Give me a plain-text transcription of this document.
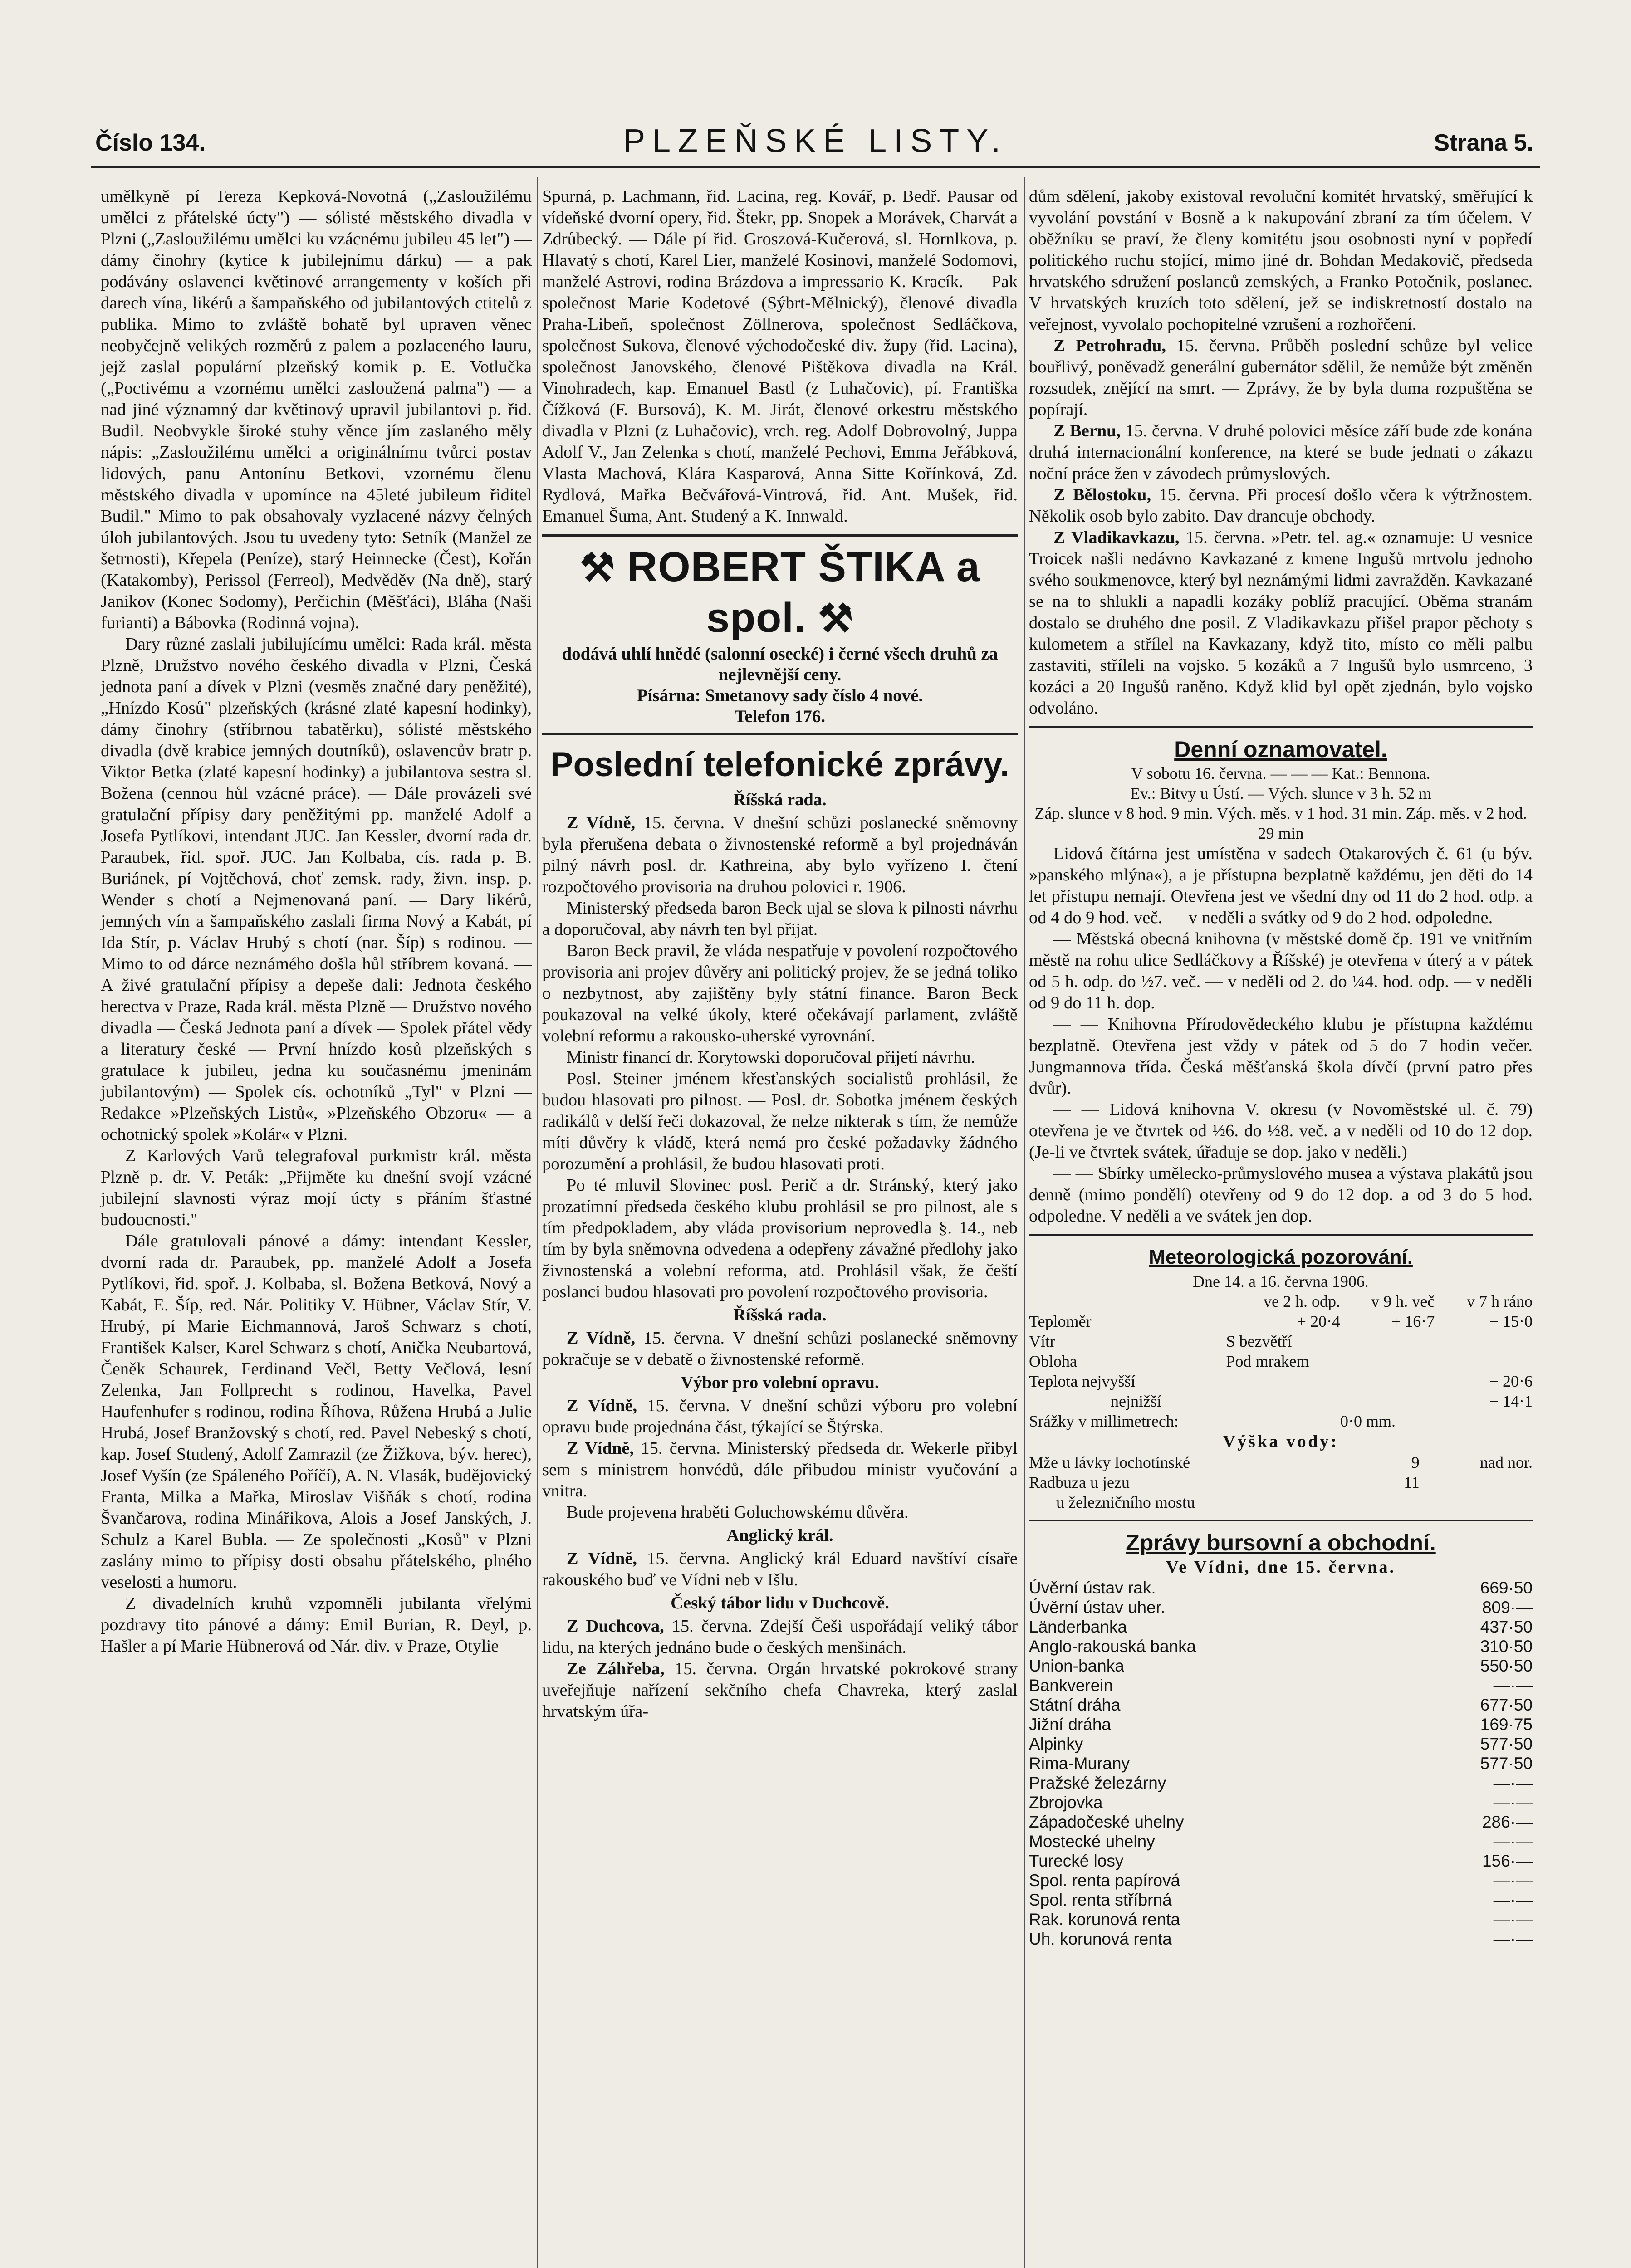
Číslo 134.	PLZEŇSKÉ LISTY.	Strana 5.

umělkyně pí Tereza Kepková-Novotná („Zasloužilému umělci z přátelské úcty") — sólisté městského divadla v Plzni („Zasloužilému umělci ku vzácnému jubileu 45 let") — dámy činohry (kytice k jubilejnímu dárku) — a pak podávány oslavenci květinové arrangementy v koších při darech vína, likérů a šampaňského od jubilantových ctitelů z publika. Mimo to zvláště bohatě byl upraven věnec neobyčejně velikých rozměrů z palem a pozlaceného lauru, jejž zaslal populární plzeňský komik p. E. Votlučka („Poctivému a vzornému umělci zasloužená palma") — a nad jiné významný dar květinový upravil jubilantovi p. řid. Budil. Neobvykle široké stuhy věnce jím zaslaného měly nápis: „Zasloužilému umělci a originálnímu tvůrci postav lidových, panu Antonínu Betkovi, vzornému členu městského divadla v upomínce na 45leté jubileum řiditel Budil." Mimo to pak obsahovaly vyzlacené názvy čelných úloh jubilantových. Jsou tu uvedeny tyto: Setník (Manžel ze šetrnosti), Křepela (Peníze), starý Heinnecke (Čest), Kořán (Katakomby), Perissol (Ferreol), Medvěděv (Na dně), starý Janikov (Konec Sodomy), Perčichin (Měšťáci), Bláha (Naši furianti) a Bábovka (Rodinná vojna).

Dary různé zaslali jubilujícímu umělci: Rada král. města Plzně, Družstvo nového českého divadla v Plzni, Česká jednota paní a dívek v Plzni (vesměs značné dary peněžité), „Hnízdo Kosů" plzeňských (krásné zlaté kapesní hodinky), dámy činohry (stříbrnou tabatěrku), sólisté městského divadla (dvě krabice jemných doutníků), oslavencův bratr p. Viktor Betka (zlaté kapesní hodinky) a jubilantova sestra sl. Božena (cennou hůl vzácné práce). — Dále provázeli své gratulační přípisy dary peněžitými pp. manželé Adolf a Josefa Pytlíkovi, intendant JUC. Jan Kessler, dvorní rada dr. Paraubek, řid. spoř. JUC. Jan Kolbaba, cís. rada p. B. Buriánek, pí Vojtěchová, choť zemsk. rady, živn. insp. p. Wender s chotí a Nejmenovaná paní. — Dary likérů, jemných vín a šampaňského zaslali firma Nový a Kabát, pí Ida Stír, p. Václav Hrubý s chotí (nar. Šíp) s rodinou. — Mimo to od dárce neznámého došla hůl stříbrem kovaná. — A živé gratulační přípisy a depeše dali: Jednota českého herectva v Praze, Rada král. města Plzně — Družstvo nového divadla — Česká Jednota paní a dívek — Spolek přátel vědy a literatury české — První hnízdo kosů plzeňských s gratulace k jubileu, jedna ku současnému jmeninám jubilantovým) — Spolek cís. ochotníků „Tyl" v Plzni — Redakce »Plzeňských Listů«, »Plzeňského Obzoru« — a ochotnický spolek »Kolár« v Plzni.

Z Karlových Varů telegrafoval purkmistr král. města Plzně p. dr. V. Peták: „Přijměte ku dnešní svojí vzácné jubilejní slavnosti výraz mojí úcty s přáním šťastné budoucnosti."

Dále gratulovali pánové a dámy: intendant Kessler, dvorní rada dr. Paraubek, pp. manželé Adolf a Josefa Pytlíkovi, řid. spoř. J. Kolbaba, sl. Božena Betková, Nový a Kabát, E. Šíp, red. Nár. Politiky V. Hübner, Václav Stír, V. Hrubý, pí Marie Eichmannová, Jaroš Schwarz s chotí, František Kalser, Karel Schwarz s chotí, Anička Neubartová, Čeněk Schaurek, Ferdinand Večl, Betty Večlová, lesní Zelenka, Jan Follprecht s rodinou, Havelka, Pavel Haufenhufer s rodinou, rodina Říhova, Růžena Hrubá a Julie Hrubá, Josef Branžovský s chotí, red. Pavel Nebeský s chotí, kap. Josef Studený, Adolf Zamrazil (ze Žižkova, býv. herec), Josef Vyšín (ze Spáleného Poříčí), A. N. Vlasák, budějovický Franta, Milka a Mařka, Miroslav Višňák s chotí, rodina Švančarova, rodina Minářikova, Alois a Josef Janských, J. Schulz a Karel Bubla. — Ze společnosti „Kosů" v Plzni zaslány mimo to přípisy dosti obsahu přátelského, plného veselosti a humoru.

Z divadelních kruhů vzpomněli jubilanta vřelými pozdravy tito pánové a dámy: Emil Burian, R. Deyl, p. Hašler a pí Marie Hübnerová od Nár. div. v Praze, Otylie

Spurná, p. Lachmann, řid. Lacina, reg. Kovář, p. Bedř. Pausar od vídeňské dvorní opery, řid. Štekr, pp. Snopek a Morávek, Charvát a Zdrůbecký. — Dále pí řid. Groszová-Kučerová, sl. Hornlkova, p. Hlavatý s chotí, Karel Lier, manželé Kosinovi, manželé Sodomovi, manželé Astrovi, rodina Brázdova a impressario K. Kracík. — Pak společnost Marie Kodetové (Sýbrt-Mělnický), členové divadla Praha-Libeň, společnost Zöllnerova, společnost Sedláčkova, společnost Sukova, členové východočeské div. župy (řid. Lacina), společnost Janovského, členové Pištěkova divadla na Král. Vinohradech, kap. Emanuel Bastl (z Luhačovic), pí. Františka Čížková (F. Bursová), K. M. Jirát, členové orkestru městského divadla v Plzni (z Luhačovic), vrch. reg. Adolf Dobrovolný, Juppa Adolf V., Jan Zelenka s chotí, manželé Pechovi, Emma Jeřábková, Vlasta Machová, Klára Kasparová, Anna Sitte Kořínková, Zd. Rydlová, Mařka Bečvářová-Vintrová, řid. Ant. Mušek, řid. Emanuel Šuma, Ant. Studený a K. Innwald.

⚒ ROBERT ŠTIKA a spol. ⚒
dodává uhlí hnědé (salonní osecké) i černé všech druhů za nejlevnější ceny.
Písárna: Smetanovy sady číslo 4 nové.
Telefon 176.
Poslední telefonické zprávy.

Říšská rada.

Z Vídně, 15. června. V dnešní schůzi poslanecké sněmovny byla přerušena debata o živnostenské reformě a byl projednáván pilný návrh posl. dr. Kathreina, aby bylo vyřízeno I. čtení rozpočtového provisoria na druhou polovici r. 1906.

Ministerský předseda baron Beck ujal se slova k pilnosti návrhu a doporučoval, aby návrh ten byl přijat.

Baron Beck pravil, že vláda nespatřuje v povolení rozpočtového provisoria ani projev důvěry ani politický projev, že se jedná toliko o nezbytnost, aby zajištěny byly státní finance. Baron Beck poukazoval na velké úkoly, které očekávají parlament, zvláště volební reformu a rakousko-uherské vyrovnání.

Ministr financí dr. Korytowski doporučoval přijetí návrhu.

Posl. Steiner jménem křesťanských socialistů prohlásil, že budou hlasovati pro pilnost. — Posl. dr. Sobotka jménem českých radikálů v delší řeči dokazoval, že nelze nikterak s tím, že nemůže míti důvěry k vládě, která nemá pro české požadavky žádného porozumění a prohlásil, že budou hlasovati proti.

Po té mluvil Slovinec posl. Perič a dr. Stránský, který jako prozatímní předseda českého klubu prohlásil se pro pilnost, ale s tím předpokladem, aby vláda provisorium neprovedla §. 14., neb tím by byla sněmovna odvedena a odepřeny závažné předlohy jako živnostenská a volební reforma, atd. Prohlásil však, že čeští poslanci budou hlasovati pro povolení rozpočtového provisoria.

Říšská rada.

Z Vídně, 15. června. V dnešní schůzi poslanecké sněmovny pokračuje se v debatě o živnostenské reformě.

Výbor pro volební opravu.

Z Vídně, 15. června. V dnešní schůzi výboru pro volební opravu bude projednána část, týkající se Štýrska.

Z Vídně, 15. června. Ministerský předseda dr. Wekerle přibyl sem s ministrem honvédů, dále přibudou ministr vyučování a vnitra.

Bude projevena hraběti Goluchowskému důvěra.

Anglický král.

Z Vídně, 15. června. Anglický král Eduard navštíví císaře rakouského buď ve Vídni neb v Išlu.

Český tábor lidu v Duchcově.

Z Duchcova, 15. června. Zdejší Češi uspořádají veliký tábor lidu, na kterých jednáno bude o českých menšinách.

Ze Záhřeba, 15. června. Orgán hrvatské pokrokové strany uveřejňuje nařízení sekčního chefa Chavreka, který zaslal hrvatským úřa-

dům sdělení, jakoby existoval revoluční komitét hrvatský, směřující k vyvolání povstání v Bosně a k nakupování zbraní za tím účelem. V oběžníku se praví, že členy komitétu jsou osobnosti nyní v popředí politického ruchu stojící, mimo jiné dr. Bohdan Medakovič, předseda hrvatského sdružení poslanců zemských, a Franko Potočnik, poslanec. V hrvatských kruzích toto sdělení, jež se indiskretností dostalo na veřejnost, vyvolalo pochopitelné vzrušení a rozhořčení.

Z Petrohradu, 15. června. Průběh poslední schůze byl velice bouřlivý, poněvadž generální gubernátor sdělil, že nemůže být změněn rozsudek, znějící na smrt. — Zprávy, že by byla duma rozpuštěna se popírají.

Z Bernu, 15. června. V druhé polovici měsíce září bude zde konána druhá internacionální konference, na které se bude jednati o zákazu noční práce žen v závodech průmyslových.

Z Bělostoku, 15. června. Při procesí došlo včera k výtržnostem. Několik osob bylo zabito. Dav drancuje obchody.

Z Vladikavkazu, 15. června. »Petr. tel. ag.« oznamuje: U vesnice Troicek našli nedávno Kavkazané z kmene Ingušů mrtvolu jednoho svého soukmenovce, který byl neznámými lidmi zavražděn. Kavkazané se na to shlukli a napadli kozáky poblíž pracující. Oběma stranám dostalo se druhého dne posil. Z Vladikavkazu přišel prapor pěchoty s kulometem a střílel na Kavkazany, když tito, místo co měli palbu zastaviti, stříleli na vojsko. 5 kozáků a 7 Ingušů bylo usmrceno, 3 kozáci a 20 Ingušů raněno. Když klid byl opět zjednán, bylo vojsko odvoláno.

Denní oznamovatel.

V sobotu 16. června. — — — Kat.: Bennona.

Ev.: Bitvy u Ústí. — Vých. slunce v 3 h. 52 m

Záp. slunce v 8 hod. 9 min. Vých. měs. v 1 hod. 31 min. Záp. měs. v 2 hod. 29 min

Lidová čítárna jest umístěna v sadech Otakarových č. 61 (u býv. »panského mlýna«), a je přístupna bezplatně každému, jen děti do 14 let přístupu nemají. Otevřena jest ve všední dny od 11 do 2 hod. odp. a od 4 do 9 hod. več. — v neděli a svátky od 9 do 2 hod. odpoledne.

— Městská obecná knihovna (v městské domě čp. 191 ve vnitřním městě na rohu ulice Sedláčkovy a Říšské) je otevřena v úterý a v pátek od 5 h. odp. do ½7. več. — v neděli od 2. do ¼4. hod. odp. — v neděli od 9 do 11 h. dop.

— — Knihovna Přírodovědeckého klubu je přístupna každému bezplatně. Otevřena jest vždy v pátek od 5 do 7 hodin večer. Jungmannova třída. Česká měšťanská škola dívčí (první patro přes dvůr).

— — Lidová knihovna V. okresu (v Novoměstské ul. č. 79) otevřena je ve čtvrtek od ½6. do ½8. več. a v neděli od 10 do 12 dop. (Je-li ve čtvrtek svátek, úřaduje se dop. jako v neděli.)

— — Sbírky umělecko-průmyslového musea a výstava plakátů jsou denně (mimo pondělí) otevřeny od 9 do 12 dop. a od 3 do 5 hod. odpoledne. V neděli a ve svátek jen dop.

Meteorologická pozorování.

Dne 14. a 16. června 1906.

	ve 2 h. odp.	v 9 h. več	v 7 h ráno
Teploměr	+ 20·4	+ 16·7	+ 15·0
Vítr	S bezvětří		
Obloha	Pod mrakem		
Teplota nejvyšší			+ 20·6
nejnižší			+ 14·1
Srážky v millimetrech:		0·0 mm.	

Výška vody:

Mže u lávky lochotínské	9	nad nor.
Radbuza u jezu	11	
u železničního mostu		
Zprávy bursovní a obchodní.

Ve Vídni, dne 15. června.

Úvěrní ústav rak.	669·50
Úvěrní ústav uher.	809·—
Länderbanka	437·50
Anglo-rakouská banka	310·50
Union-banka	550·50
Bankverein	—·—
Státní dráha	677·50
Jižní dráha	169·75
Alpinky	577·50
Rima-Murany	577·50
Pražské železárny	—·—
Zbrojovka	—·—
Západočeské uhelny	286·—
Mostecké uhelny	—·—
Turecké losy	156·—
Spol. renta papírová	—·—
Spol. renta stříbrná	—·—
Rak. korunová renta	—·—
Uh. korunová renta	—·—
